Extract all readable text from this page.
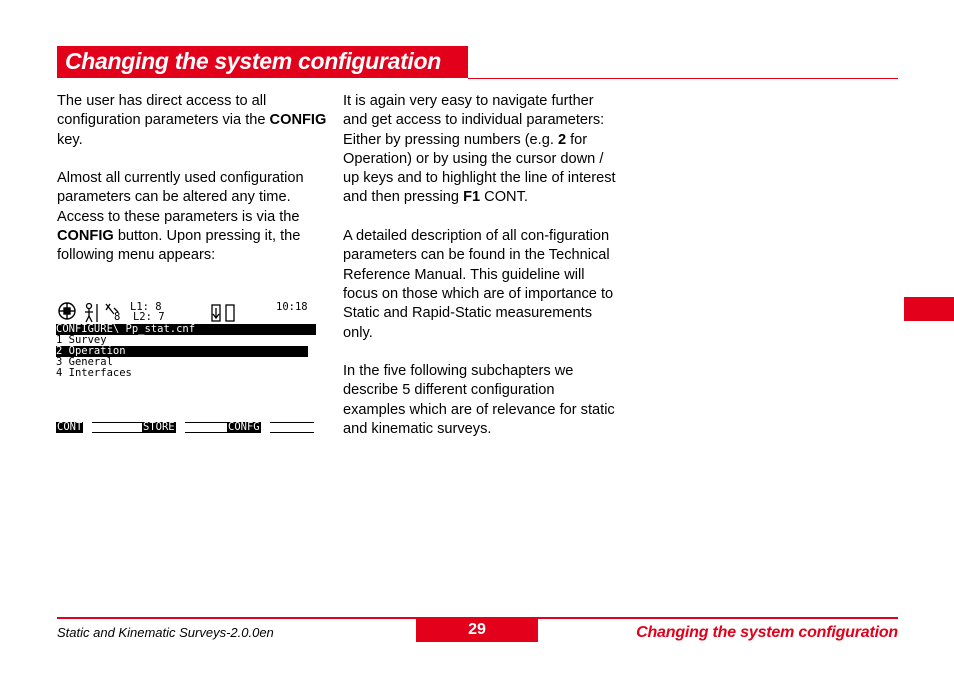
Changing the system configuration

The user has direct access to all configuration parameters via the CONFIG key.

Almost all currently used configuration parameters can be altered any time. Access to these parameters is via the CONFIG button. Upon pressing it, the following menu appears:

L1: 8
8  L2: 7
10:18
CONFIGURE\ Pp_stat.cnf
1 Survey
2 Operation
3 General
4 Interfaces
CONT	STORE	CONFG

It is again very easy to navigate further and get access to individual parameters: Either by pressing numbers (e.g. 2 for Operation) or by using the cursor down / up keys and to highlight the line of interest and then pressing F1 CONT.

A detailed description of all con-figuration parameters can be found in the Technical Reference Manual. This guideline will focus on those which are of importance to Static and Rapid-Static measurements only.

In the five following subchapters we describe 5 different configuration examples which are of relevance for static and kinematic surveys.

Static and Kinematic Surveys-2.0.0en	29	Changing the system configuration
